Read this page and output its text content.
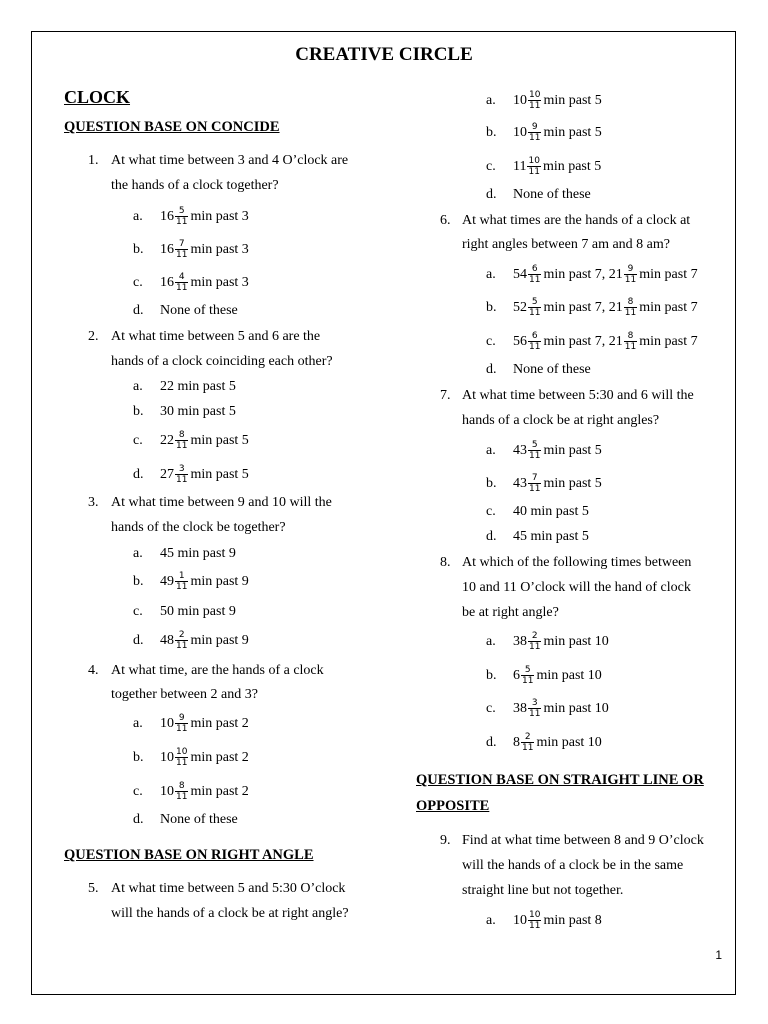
CREATIVE CIRCLE
CLOCK
QUESTION BASE ON CONCIDE
1. At what time between 3 and 4 O’clock are
the hands of a clock together?
a.	$16 \frac{5}{11}$ min past 3
b.	$16 \frac{7}{11}$ min past 3
c.	$16 \frac{4}{11}$ min past 3
d.	None of these
2. At what time between 5 and 6 are the
hands of a clock coinciding each other?
a.	22 min past 5
b.	30 min past 5
c.	$22 \frac{8}{11}$ min past 5
d.	$27 \frac{3}{11}$ min past 5
3. At what time between 9 and 10 will the
hands of the clock be together?
a.	45 min past 9
b.	$49 \frac{1}{11}$ min past 9
c.	50 min past 9
d.	$48 \frac{2}{11}$ min past 9
4. At what time, are the hands of a clock
together between 2 and 3?
a.	$10 \frac{9}{11}$ min past 2
b.	$10 \frac{10}{11}$ min past 2
c.	$10 \frac{8}{11}$ min past 2
d.	None of these
QUESTION BASE ON RIGHT ANGLE
5. At what time between 5 and 5:30 O’clock
will the hands of a clock be at right angle?
a.	$10 \frac{10}{11}$ min past 5
b.	$10 \frac{9}{11}$ min past 5
c.	$11 \frac{10}{11}$ min past 5
d.	None of these
6. At what times are the hands of a clock at
right angles between 7 am and 8 am?
a.	$54 \frac{6}{11}$ min past 7, $21 \frac{9}{11}$ min past 7
b.	$52 \frac{5}{11}$ min past 7, $21 \frac{8}{11}$ min past 7
c.	$56 \frac{6}{11}$ min past 7, $21 \frac{8}{11}$ min past 7
d.	None of these
7. At what time between 5:30 and 6 will the
hands of a clock be at right angles?
a.	$43 \frac{5}{11}$ min past 5
b.	$43 \frac{7}{11}$ min past 5
c.	40 min past 5
d.	45 min past 5
8. At which of the following times between
10 and 11 O’clock will the hand of clock
be at right angle?
a.	$38 \frac{2}{11}$ min past 10
b.	$6 \frac{5}{11}$ min past 10
c.	$38 \frac{3}{11}$ min past 10
d.	$8 \frac{2}{11}$ min past 10
QUESTION BASE ON STRAIGHT LINE OR
OPPOSITE
9. Find at what time between 8 and 9 O’clock
will the hands of a clock be in the same
straight line but not together.
a.	$10 \frac{10}{11}$ min past 8
1
